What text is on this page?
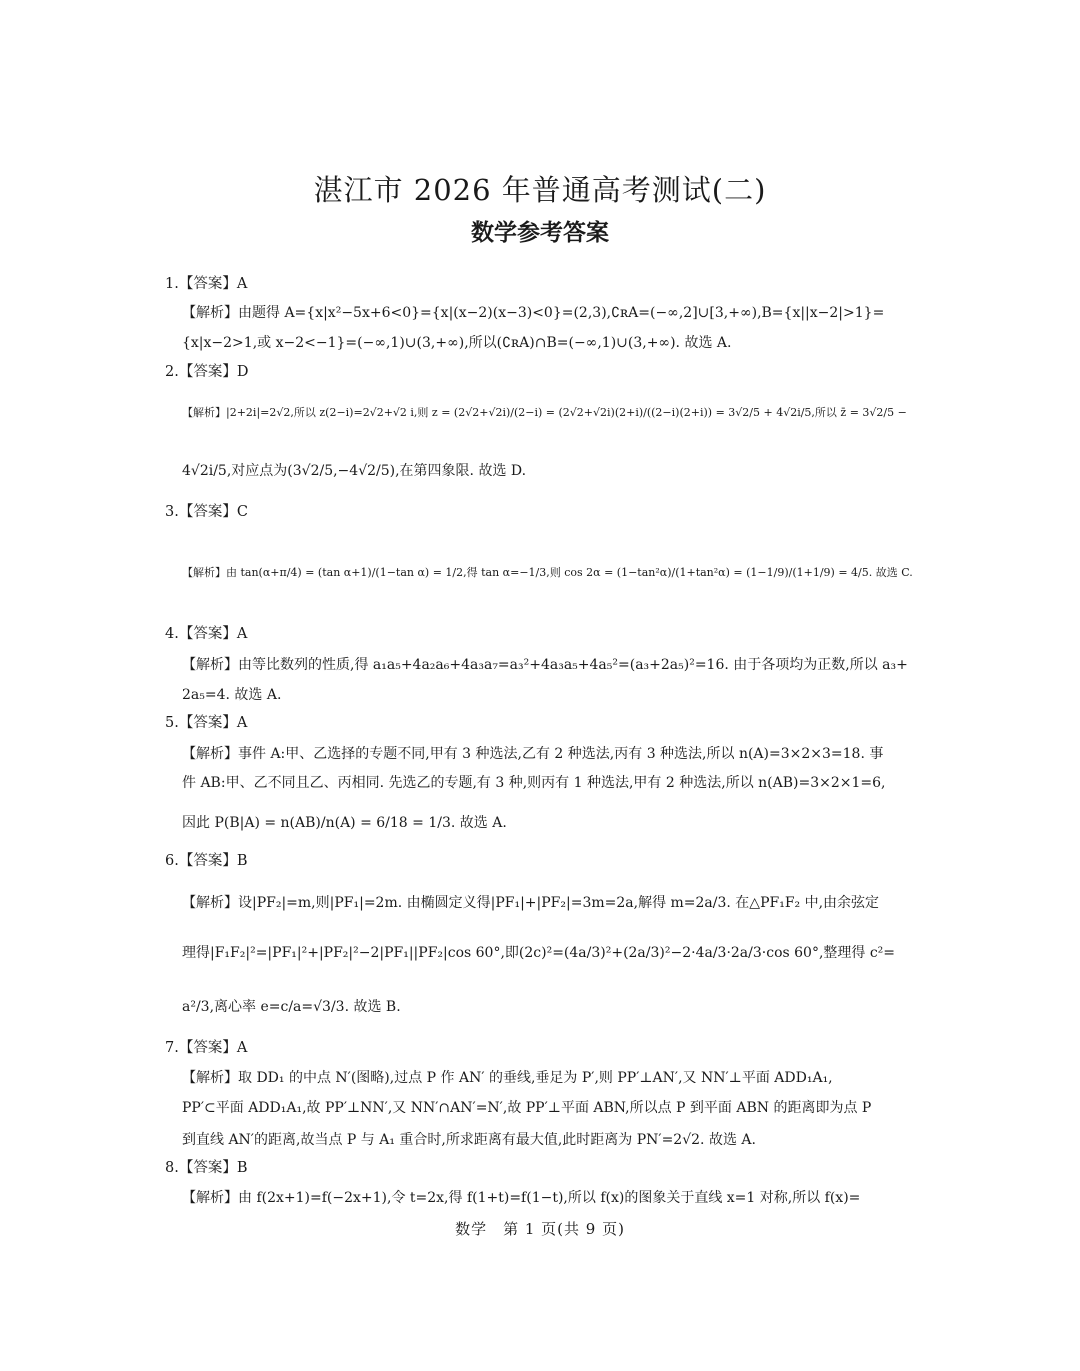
湛江市 2026 年普通高考测试(二)
数学参考答案
1.【答案】A
【解析】由题得 A={x|x²−5x+6<0}={x|(x−2)(x−3)<0}=(2,3),∁ʀA=(−∞,2]∪[3,+∞),B={x||x−2|>1}=
{x|x−2>1,或 x−2<−1}=(−∞,1)∪(3,+∞),所以(∁ʀA)∩B=(−∞,1)∪(3,+∞). 故选 A.
2.【答案】D
【解析】|2+2i|=2√2,所以 z(2−i)=2√2+√2 i,则 z = (2√2+√2i)/(2−i) = (2√2+√2i)(2+i)/((2−i)(2+i)) = 3√2/5 + 4√2i/5,所以 z̄ = 3√2/5 −
4√2i/5,对应点为(3√2/5,−4√2/5),在第四象限. 故选 D.
3.【答案】C
【解析】由 tan(α+π/4) = (tan α+1)/(1−tan α) = 1/2,得 tan α=−1/3,则 cos 2α = (1−tan²α)/(1+tan²α) = (1−1/9)/(1+1/9) = 4/5. 故选 C.
4.【答案】A
【解析】由等比数列的性质,得 a₁a₅+4a₂a₆+4a₃a₇=a₃²+4a₃a₅+4a₅²=(a₃+2a₅)²=16. 由于各项均为正数,所以 a₃+
2a₅=4. 故选 A.
5.【答案】A
【解析】事件 A:甲、乙选择的专题不同,甲有 3 种选法,乙有 2 种选法,丙有 3 种选法,所以 n(A)=3×2×3=18. 事
件 AB:甲、乙不同且乙、丙相同. 先选乙的专题,有 3 种,则丙有 1 种选法,甲有 2 种选法,所以 n(AB)=3×2×1=6,
因此 P(B|A) = n(AB)/n(A) = 6/18 = 1/3. 故选 A.
6.【答案】B
【解析】设|PF₂|=m,则|PF₁|=2m. 由椭圆定义得|PF₁|+|PF₂|=3m=2a,解得 m=2a/3. 在△PF₁F₂ 中,由余弦定
理得|F₁F₂|²=|PF₁|²+|PF₂|²−2|PF₁||PF₂|cos 60°,即(2c)²=(4a/3)²+(2a/3)²−2·4a/3·2a/3·cos 60°,整理得 c²=
a²/3,离心率 e=c/a=√3/3. 故选 B.
7.【答案】A
【解析】取 DD₁ 的中点 N′(图略),过点 P 作 AN′ 的垂线,垂足为 P′,则 PP′⊥AN′,又 NN′⊥平面 ADD₁A₁,
PP′⊂平面 ADD₁A₁,故 PP′⊥NN′,又 NN′∩AN′=N′,故 PP′⊥平面 ABN,所以点 P 到平面 ABN 的距离即为点 P
到直线 AN′的距离,故当点 P 与 A₁ 重合时,所求距离有最大值,此时距离为 PN′=2√2. 故选 A.
8.【答案】B
【解析】由 f(2x+1)=f(−2x+1),令 t=2x,得 f(1+t)=f(1−t),所以 f(x)的图象关于直线 x=1 对称,所以 f(x)=
数学　第 1 页(共 9 页)
